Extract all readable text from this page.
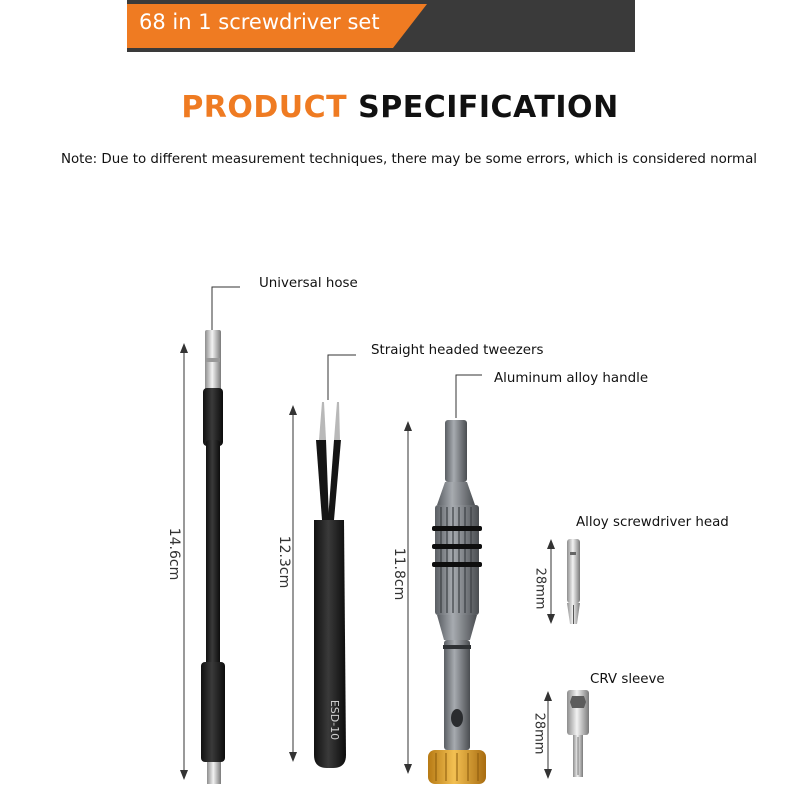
68 in 1 screwdriver set
PRODUCT SPECIFICATION
Note: Due to different measurement techniques, there may be some errors, which is considered normal
ESD-10
Universal hose
Straight headed tweezers
Aluminum alloy handle
Alloy screwdriver head
CRV sleeve
14.6cm	12.3cm	11.8cm	28mm
28mm
